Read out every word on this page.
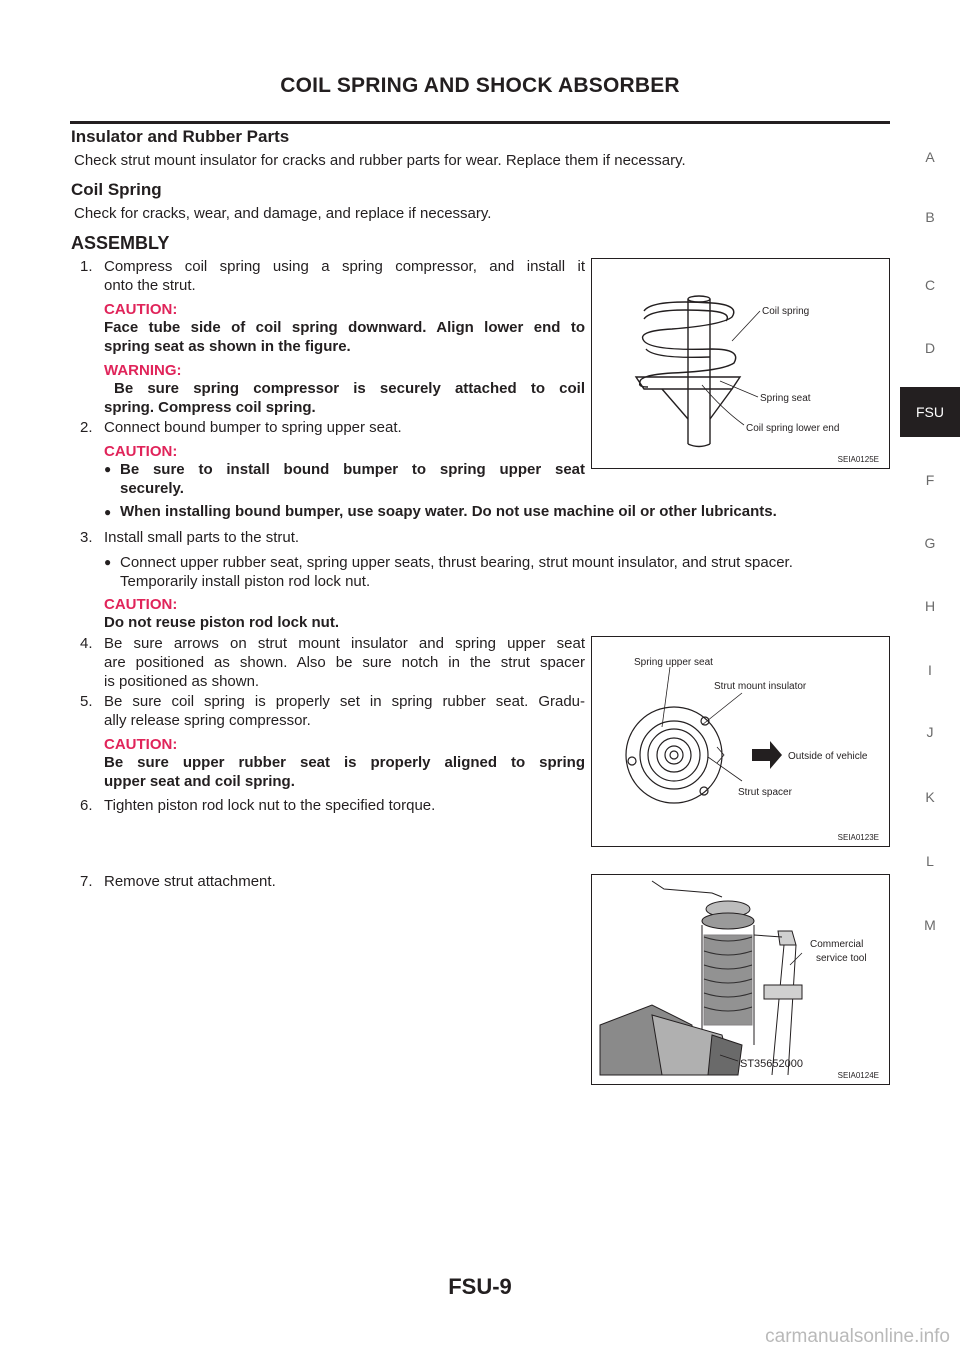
COIL SPRING AND SHOCK ABSORBER
Insulator and Rubber Parts
Check strut mount insulator for cracks and rubber parts for wear. Replace them if necessary.
Coil Spring
Check for cracks, wear, and damage, and replace if necessary.
ASSEMBLY
1. Compress coil spring using a spring compressor, and install it
onto the strut.
CAUTION:
Face tube side of coil spring downward. Align lower end to
spring seat as shown in the figure.
WARNING:
Be sure spring compressor is securely attached to coil
spring. Compress coil spring.
2. Connect bound bumper to spring upper seat.
CAUTION:
● Be sure to install bound bumper to spring upper seat
securely.
● When installing bound bumper, use soapy water. Do not use machine oil or other lubricants.
3. Install small parts to the strut.
● Connect upper rubber seat, spring upper seats, thrust bearing, strut mount insulator, and strut spacer.
Temporarily install piston rod lock nut.
CAUTION:
Do not reuse piston rod lock nut.
4. Be sure arrows on strut mount insulator and spring upper seat
are positioned as shown. Also be sure notch in the strut spacer
is positioned as shown.
5. Be sure coil spring is properly set in spring rubber seat. Gradu-
ally release spring compressor.
CAUTION:
Be sure upper rubber seat is properly aligned to spring
upper seat and coil spring.
6. Tighten piston rod lock nut to the specified torque.
7. Remove strut attachment.
Coil spring
Spring seat
Coil spring lower end
SEIA0125E
Spring upper seat
Strut mount insulator
Outside of vehicle
Strut spacer
SEIA0123E
Commercial
service tool
ST35652000
SEIA0124E
A
B
C
D
FSU
F
G
H
I
J
K
L
M
FSU-9
carmanualsonline.info
